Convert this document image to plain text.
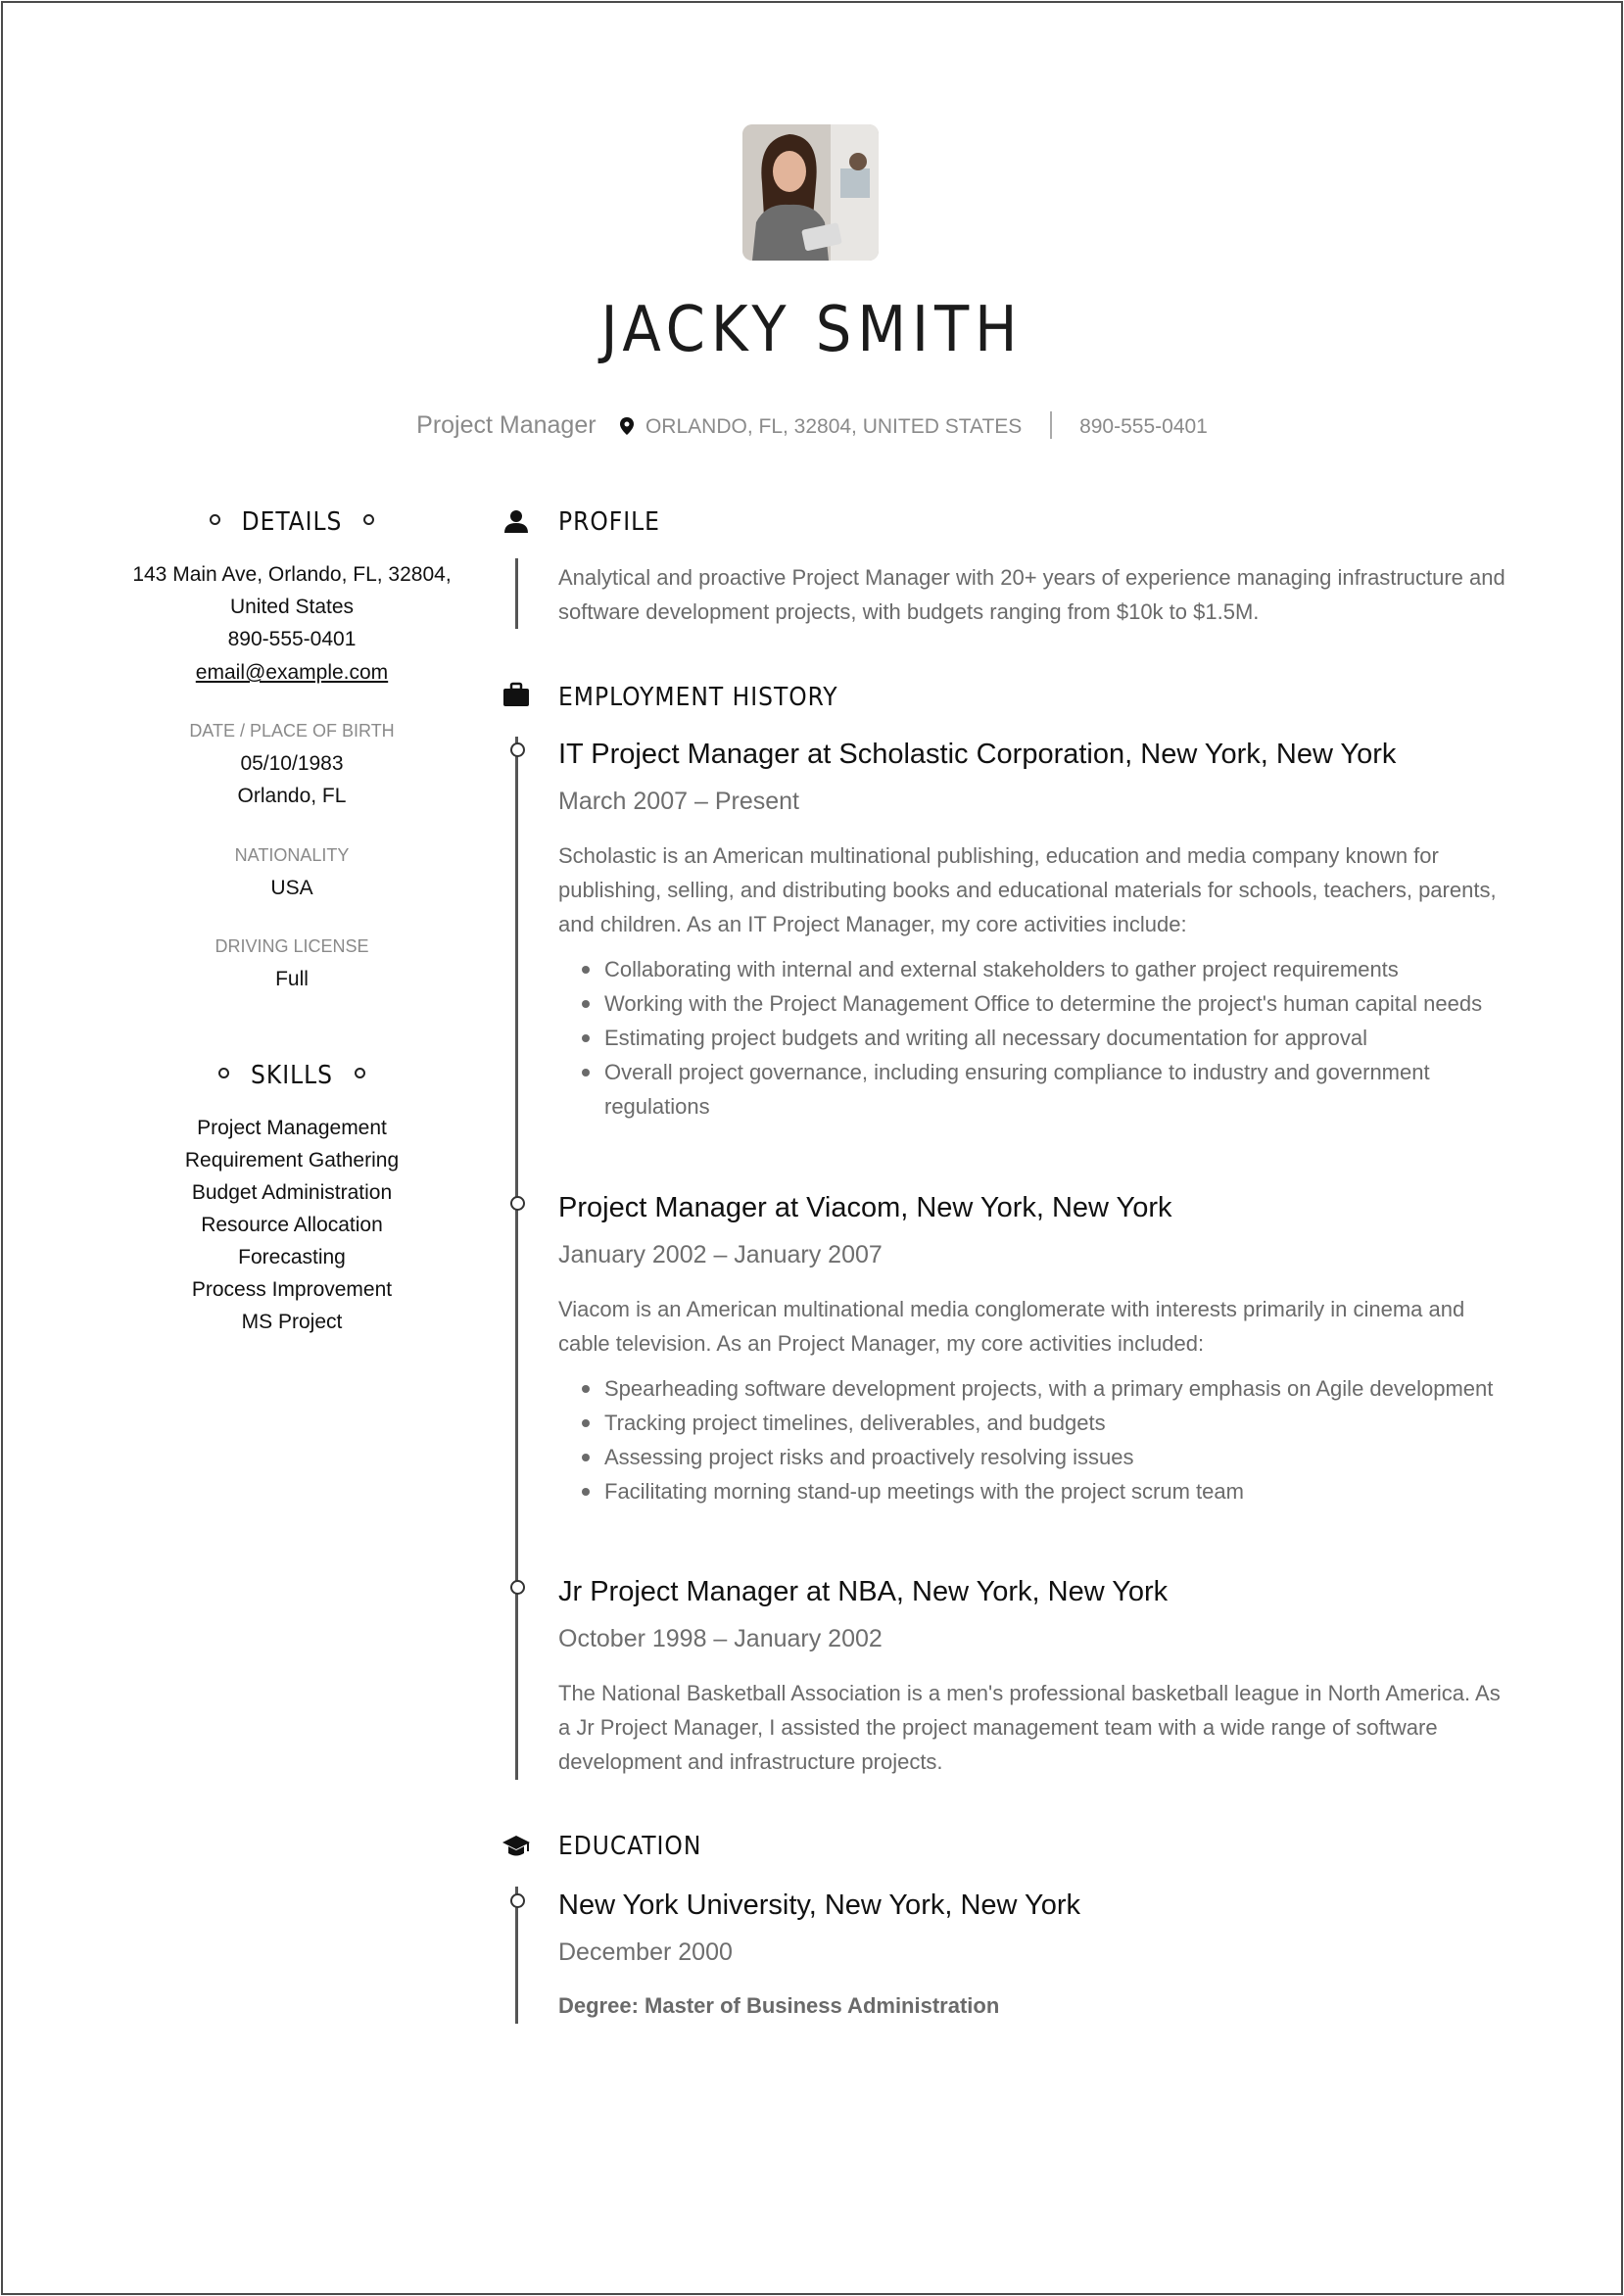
JACKY SMITH
Project Manager ORLANDO, FL, 32804, UNITED STATES	890-555-0401
DETAILS
143 Main Ave, Orlando, FL, 32804,
United States
890-555-0401
email@example.com
DATE / PLACE OF BIRTH
05/10/1983
Orlando, FL
NATIONALITY
USA
DRIVING LICENSE
Full
SKILLS
Project Management
Requirement Gathering
Budget Administration
Resource Allocation
Forecasting
Process Improvement
MS Project
PROFILE
Analytical and proactive Project Manager with 20+ years of experience managing infrastructure and software development projects, with budgets ranging from $10k to $1.5M.
EMPLOYMENT HISTORY
IT Project Manager at Scholastic Corporation, New York, New York
March 2007 – Present
Scholastic is an American multinational publishing, education and media company known for publishing, selling, and distributing books and educational materials for schools, teachers, parents, and children. As an IT Project Manager, my core activities include:
Collaborating with internal and external stakeholders to gather project requirements
Working with the Project Management Office to determine the project's human capital needs
Estimating project budgets and writing all necessary documentation for approval
Overall project governance, including ensuring compliance to industry and government regulations
Project Manager at Viacom, New York, New York
January 2002 – January 2007
Viacom is an American multinational media conglomerate with interests primarily in cinema and cable television. As an Project Manager, my core activities included:
Spearheading software development projects, with a primary emphasis on Agile development
Tracking project timelines, deliverables, and budgets
Assessing project risks and proactively resolving issues
Facilitating morning stand-up meetings with the project scrum team
Jr Project Manager at NBA, New York, New York
October 1998 – January 2002
The National Basketball Association is a men's professional basketball league in North America. As a Jr Project Manager, I assisted the project management team with a wide range of software development and infrastructure projects.
EDUCATION
New York University, New York, New York
December 2000
Degree: Master of Business Administration
